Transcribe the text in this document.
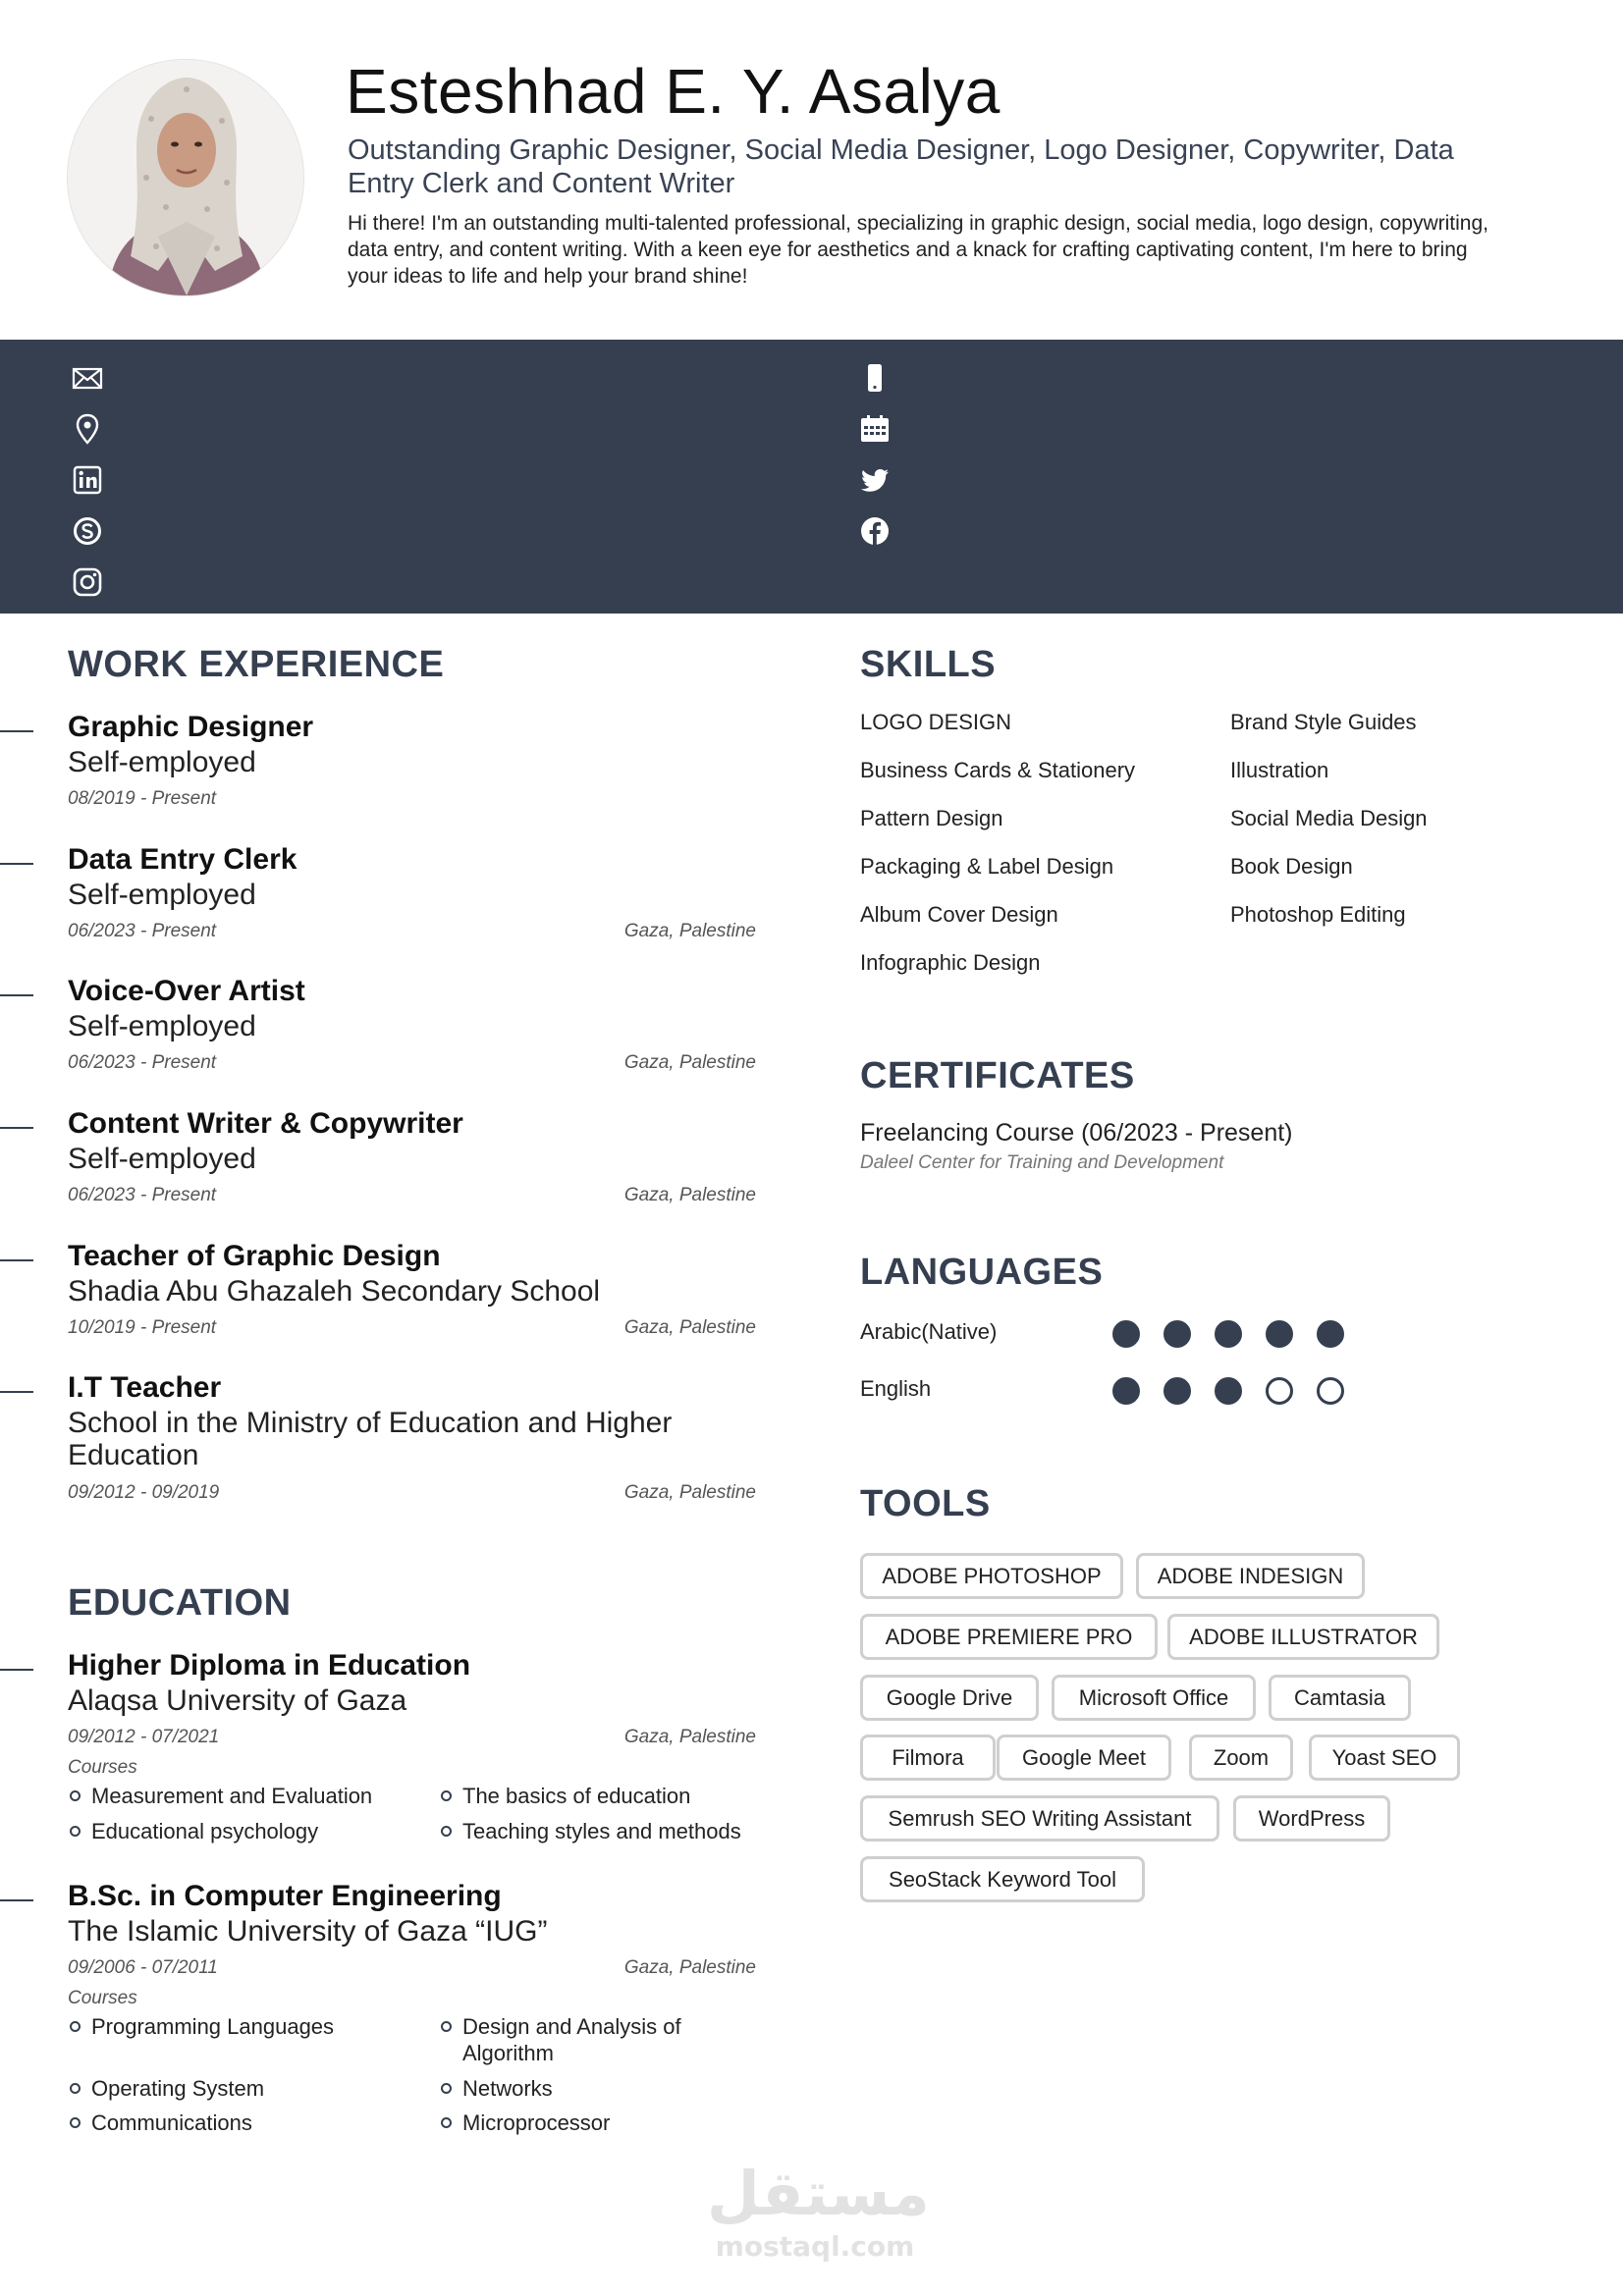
Esteshhad E. Y. Asalya
Outstanding Graphic Designer, Social Media Designer, Logo Designer, Copywriter, Data Entry Clerk and Content Writer
Hi there! I'm an outstanding multi-talented professional, specializing in graphic design, social media, logo design, copywriting, data entry, and content writing. With a keen eye for aesthetics and a knack for crafting captivating content, I'm here to bring your ideas to life and help your brand shine!
WORK EXPERIENCE
Graphic Designer
Self-employed
08/2019 - Present
Data Entry Clerk
Self-employed
06/2023 - Present	Gaza, Palestine
Voice-Over Artist
Self-employed
06/2023 - Present	Gaza, Palestine
Content Writer & Copywriter
Self-employed
06/2023 - Present	Gaza, Palestine
Teacher of Graphic Design
Shadia Abu Ghazaleh Secondary School
10/2019 - Present	Gaza, Palestine
I.T Teacher
School in the Ministry of Education and Higher Education
09/2012 - 09/2019	Gaza, Palestine
EDUCATION
Higher Diploma in Education
Alaqsa University of Gaza
09/2012 - 07/2021	Gaza, Palestine
Courses
Measurement and Evaluation	The basics of education
Educational psychology	Teaching styles and methods
B.Sc. in Computer Engineering
The Islamic University of Gaza “IUG”
09/2006 - 07/2011	Gaza, Palestine
Courses
Programming Languages	Design and Analysis of Algorithm
Operating System	Networks
Communications	Microprocessor
SKILLS
LOGO DESIGN	Brand Style Guides
Business Cards & Stationery	Illustration
Pattern Design	Social Media Design
Packaging & Label Design	Book Design
Album Cover Design	Photoshop Editing
Infographic Design
CERTIFICATES
Freelancing Course (06/2023 - Present)
Daleel Center for Training and Development
LANGUAGES
Arabic(Native)
English
TOOLS
ADOBE PHOTOSHOP	ADOBE INDESIGN
ADOBE PREMIERE PRO	ADOBE ILLUSTRATOR
Google Drive	Microsoft Office	Camtasia
Filmora	Google Meet	Zoom	Yoast SEO
Semrush SEO Writing Assistant	WordPress
SeoStack Keyword Tool
مستقل
mostaql.com
